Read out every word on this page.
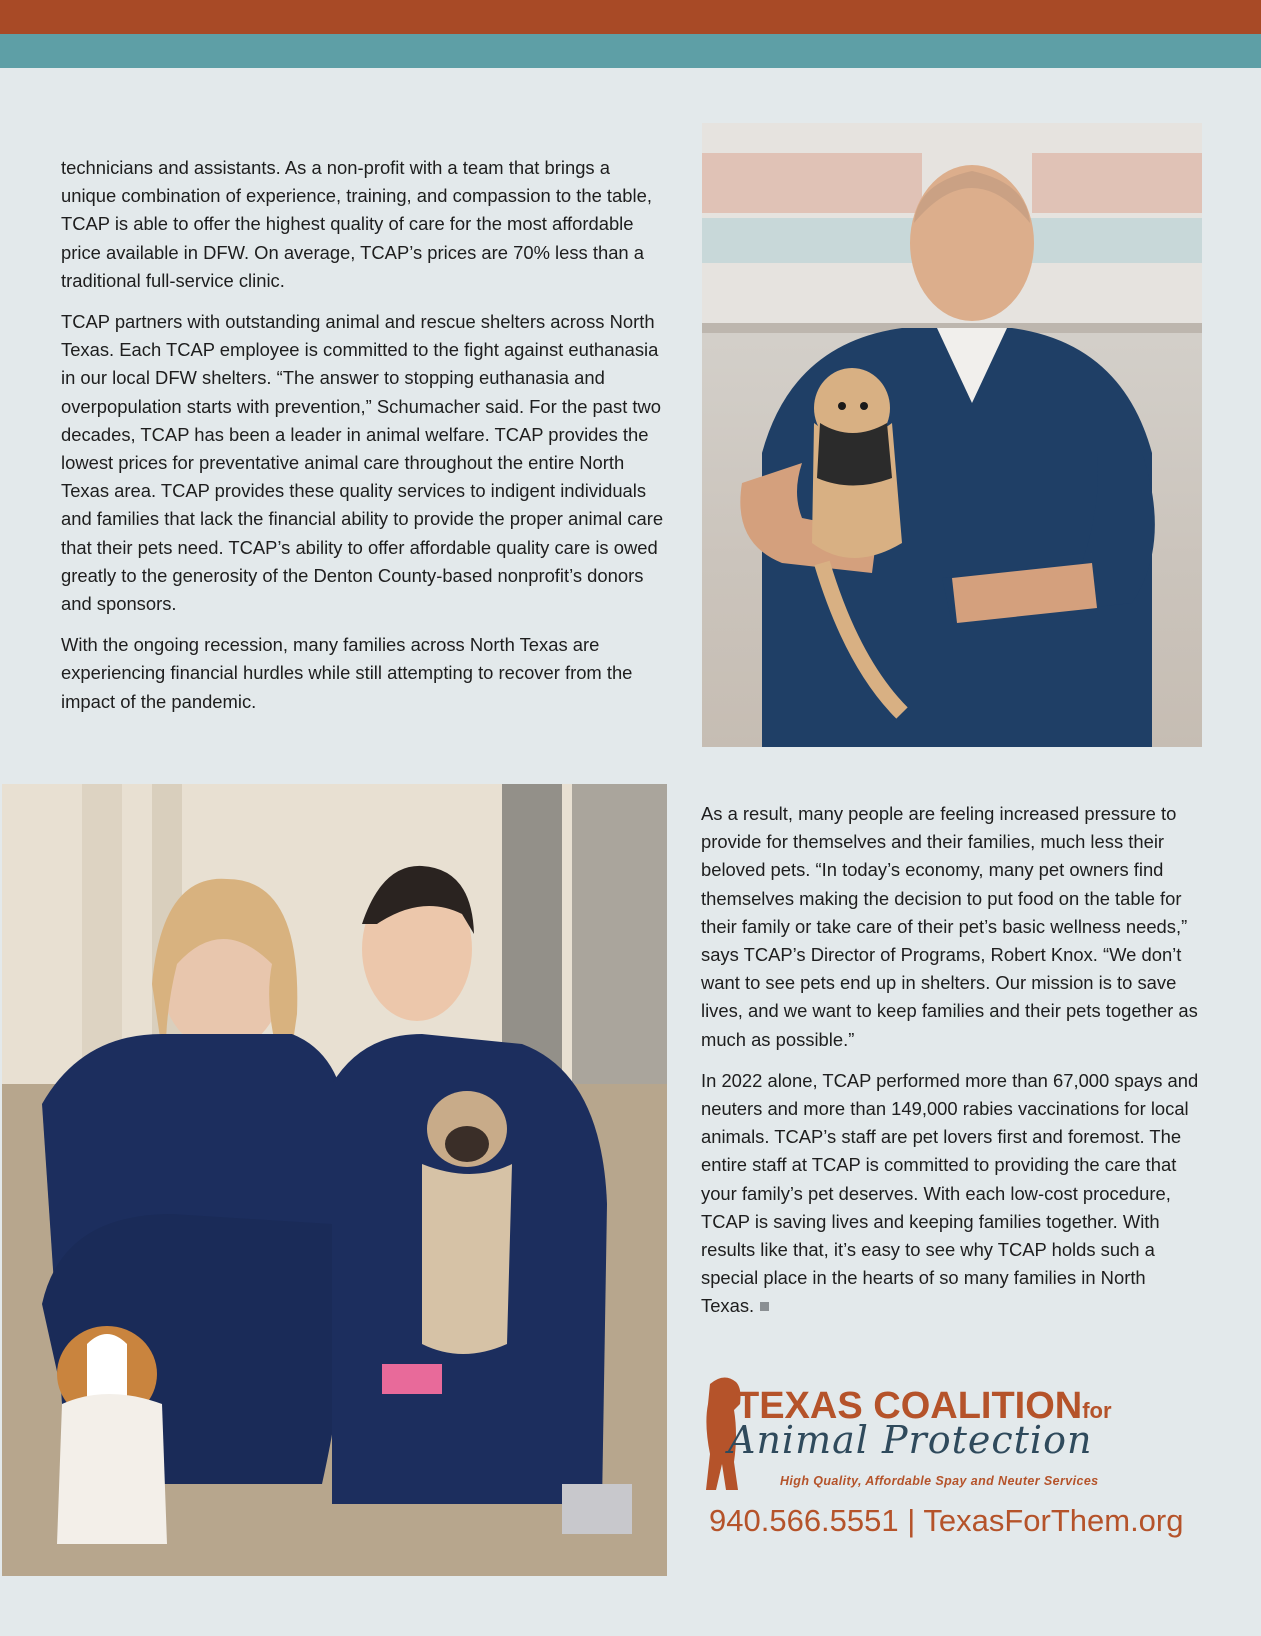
technicians and assistants. As a non-profit with a team that brings a unique combination of experience, training, and compassion to the table, TCAP is able to offer the highest quality of care for the most affordable price available in DFW. On average, TCAP’s prices are 70% less than a traditional full-service clinic.

TCAP partners with outstanding animal and rescue shelters across North Texas. Each TCAP employee is committed to the fight against euthanasia in our local DFW shelters. “The answer to stopping euthanasia and overpopulation starts with prevention,” Schumacher said. For the past two decades, TCAP has been a leader in animal welfare. TCAP provides the lowest prices for preventative animal care throughout the entire North Texas area. TCAP provides these quality services to indigent individuals and families that lack the financial ability to provide the proper animal care that their pets need. TCAP’s ability to offer affordable quality care is owed greatly to the generosity of the Denton County-based nonprofit’s donors and sponsors.

With the ongoing recession, many families across North Texas are experiencing financial hurdles while still attempting to recover from the impact of the pandemic.

As a result, many people are feeling increased pressure to provide for themselves and their families, much less their beloved pets. “In today’s economy, many pet owners find themselves making the decision to put food on the table for their family or take care of their pet’s basic wellness needs,” says TCAP’s Director of Programs, Robert Knox. “We don’t want to see pets end up in shelters. Our mission is to save lives, and we want to keep families and their pets together as much as possible.”

In 2022 alone, TCAP performed more than 67,000 spays and neuters and more than 149,000 rabies vaccinations for local animals. TCAP’s staff are pet lovers first and foremost. The entire staff at TCAP is committed to providing the care that your family’s pet deserves. With each low-cost procedure, TCAP is saving lives and keeping families together. With results like that, it’s easy to see why TCAP holds such a special place in the hearts of so many families in North Texas.

TEXAS COALITIONfor
Animal Protection
High Quality, Affordable Spay and Neuter Services
940.566.5551 | TexasForThem.org
